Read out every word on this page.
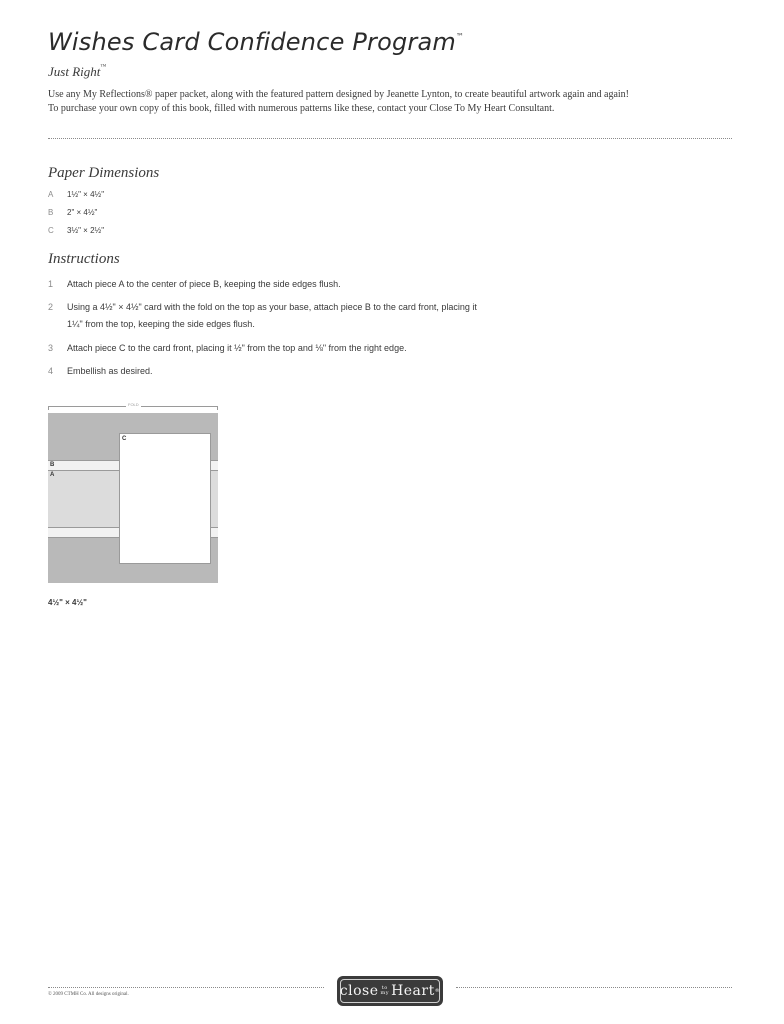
Wishes Card Confidence Program™
Just Right™
Use any My Reflections® paper packet, along with the featured pattern designed by Jeanette Lynton, to create beautiful artwork again and again!
To purchase your own copy of this book, filled with numerous patterns like these, contact your Close To My Heart Consultant.
Paper Dimensions
A 1½" × 4½"
B 2" × 4½"
C 3½" × 2½"
Instructions
1 Attach piece A to the center of piece B, keeping the side edges flush.
2 Using a 4½" × 4½" card with the fold on the top as your base, attach piece B to the card front, placing it
1¼" from the top, keeping the side edges flush.
3 Attach piece C to the card front, placing it ½" from the top and ⅛" from the right edge.
4 Embellish as desired.
FOLD
B
A
C
4½" × 4½"
© 2009 CTMH Co. All designs original.	close to
my Heart ®
